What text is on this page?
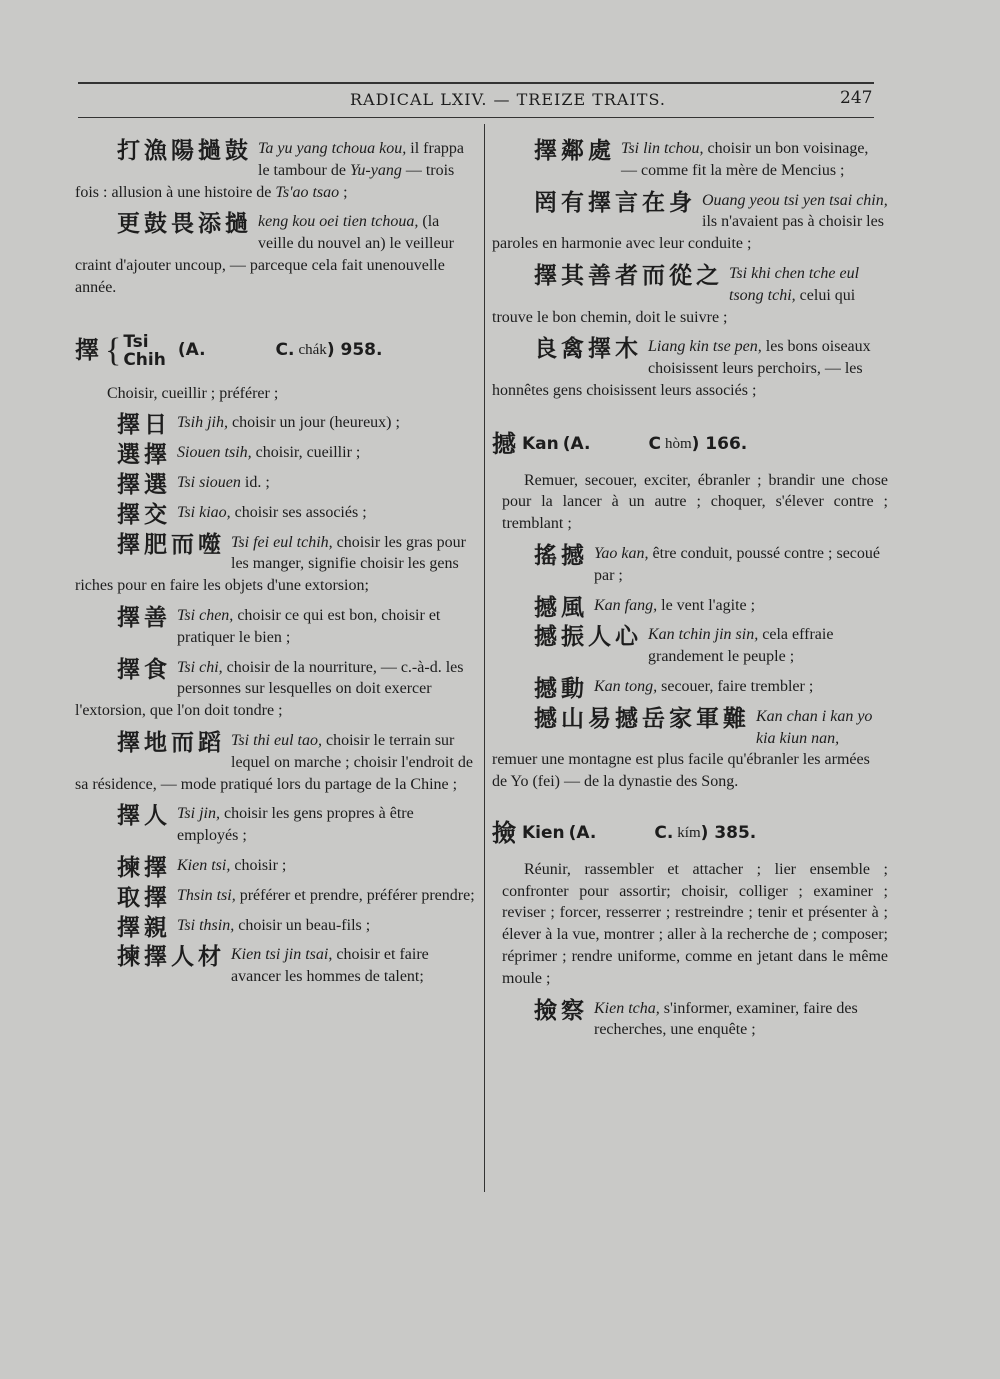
RADICAL LXIV. — TREIZE TRAITS.	247
打漁陽撾鼓 Ta yu yang tchoua kou, il frappa le tambour de Yu-yang — trois fois : allusion à une histoire de Ts'ao tsao ;
更鼓畏添撾 keng kou oei tien tchoua, (la veille du nouvel an) le veilleur craint d'ajouter uncoup, — parceque cela fait unenouvelle année.
擇 { Tsi
Chih (A.	C.
chák ) 958.
Choisir, cueillir ; préférer ;
擇日 Tsih jih, choisir un jour (heureux) ;
選擇 Siouen tsih, choisir, cueillir ;
擇選 Tsi siouen id. ;
擇交 Tsi kiao, choisir ses associés ;
擇肥而噬 Tsi fei eul tchih, choisir les gras pour les manger, signifie choisir les gens riches pour en faire les objets d'une extorsion;
擇善 Tsi chen, choisir ce qui est bon, choisir et pratiquer le bien ;
擇食 Tsi chi, choisir de la nourriture, — c.-à-d. les personnes sur lesquelles on doit exercer l'extorsion, que l'on doit tondre ;
擇地而蹈 Tsi thi eul tao, choisir le terrain sur lequel on marche ; choisir l'endroit de sa résidence, — mode pratiqué lors du partage de la Chine ;
擇人 Tsi jin, choisir les gens propres à être employés ;
揀擇 Kien tsi, choisir ;
取擇 Thsin tsi, préférer et prendre, préférer prendre;
擇親 Tsi thsin, choisir un beau-fils ;
揀擇人材 Kien tsi jin tsai, choisir et faire avancer les hommes de talent;
擇鄰處 Tsi lin tchou, choisir un bon voisinage, — comme fit la mère de Mencius ;
罔有擇言在身 Ouang yeou tsi yen tsai chin, ils n'avaient pas à choisir les paroles en harmonie avec leur conduite ;
擇其善者而從之 Tsi khi chen tche eul tsong tchi, celui qui trouve le bon chemin, doit le suivre ;
良禽擇木 Liang kin tse pen, les bons oiseaux choisissent leurs perchoirs, — les honnêtes gens choisissent leurs associés ;
撼 Kan
(A.	C
hòm ) 166.
Remuer, secouer, exciter, ébranler ; brandir une chose pour la lancer à un autre ; choquer, s'élever contre ; tremblant ;
搖撼 Yao kan, être conduit, poussé contre ; secoué par ;
撼風 Kan fang, le vent l'agite ;
撼振人心 Kan tchin jin sin, cela effraie grandement le peuple ;
撼動 Kan tong, secouer, faire trembler ;
撼山易撼岳家軍難 Kan chan i kan yo kia kiun nan, remuer une montagne est plus facile qu'ébranler les armées de Yo (fei) — de la dynastie des Song.
撿 Kien
(A.	C.
kím ) 385.
Réunir, rassembler et attacher ; lier ensemble ; confronter pour assortir; choisir, colliger ; examiner ; reviser ; forcer, resserrer ; restreindre ; tenir et présenter à ; élever à la vue, montrer ; aller à la recherche de ; composer; réprimer ; rendre uniforme, comme en jetant dans le même moule ;
撿察 Kien tcha, s'informer, examiner, faire des recherches, une enquête ;
